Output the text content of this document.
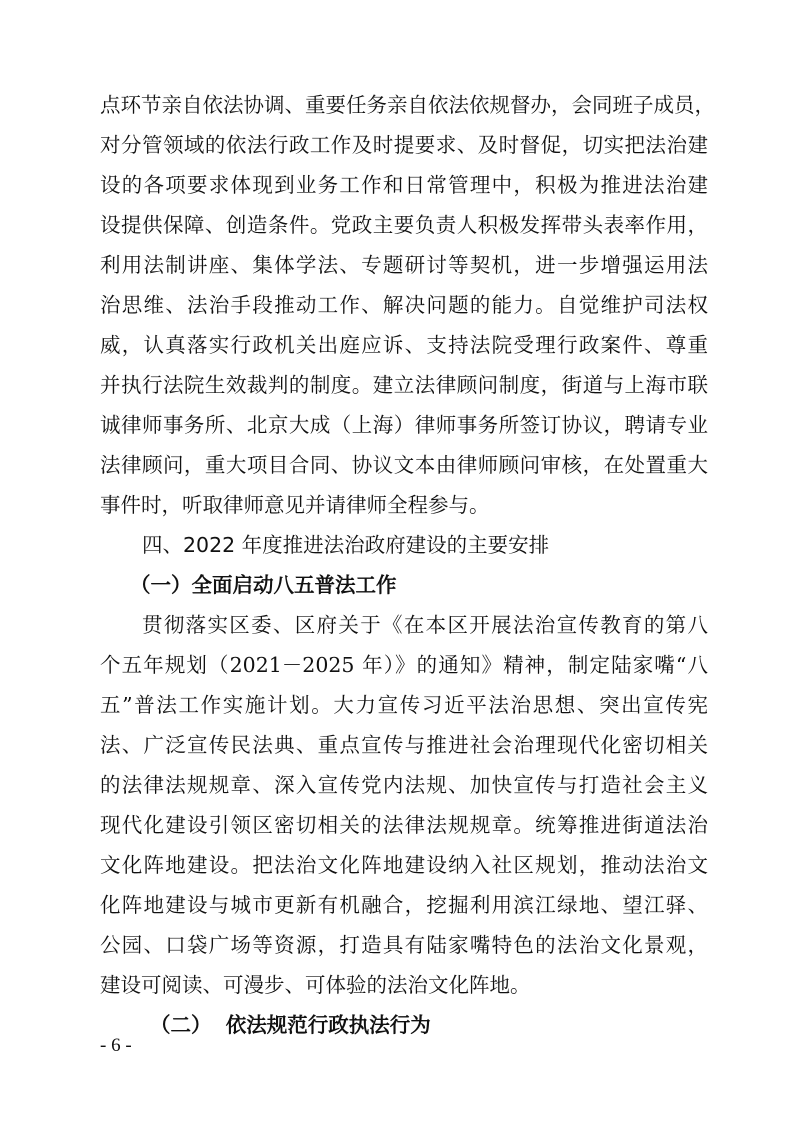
点环节亲自依法协调、重要任务亲自依法依规督办，会同班子成员，
对分管领域的依法行政工作及时提要求、及时督促，切实把法治建
设的各项要求体现到业务工作和日常管理中，积极为推进法治建
设提供保障、创造条件。党政主要负责人积极发挥带头表率作用，
利用法制讲座、集体学法、专题研讨等契机，进一步增强运用法
治思维、法治手段推动工作、解决问题的能力。自觉维护司法权
威，认真落实行政机关出庭应诉、支持法院受理行政案件、尊重
并执行法院生效裁判的制度。建立法律顾问制度，街道与上海市联
诚律师事务所、北京大成（上海）律师事务所签订协议，聘请专业
法律顾问，重大项目合同、协议文本由律师顾问审核，在处置重大
事件时，听取律师意见并请律师全程参与。
四、2022 年度推进法治政府建设的主要安排
（一）全面启动八五普法工作
贯彻落实区委、区府关于《在本区开展法治宣传教育的第八
个五年规划（2021－2025 年）》的通知》精神，制定陆家嘴“八
五”普法工作实施计划。大力宣传习近平法治思想、突出宣传宪
法、广泛宣传民法典、重点宣传与推进社会治理现代化密切相关
的法律法规规章、深入宣传党内法规、加快宣传与打造社会主义
现代化建设引领区密切相关的法律法规规章。统筹推进街道法治
文化阵地建设。把法治文化阵地建设纳入社区规划，推动法治文
化阵地建设与城市更新有机融合，挖掘利用滨江绿地、望江驿、
公园、口袋广场等资源，打造具有陆家嘴特色的法治文化景观，
建设可阅读、可漫步、可体验的法治文化阵地。
（二）  依法规范行政执法行为
- 6 -
